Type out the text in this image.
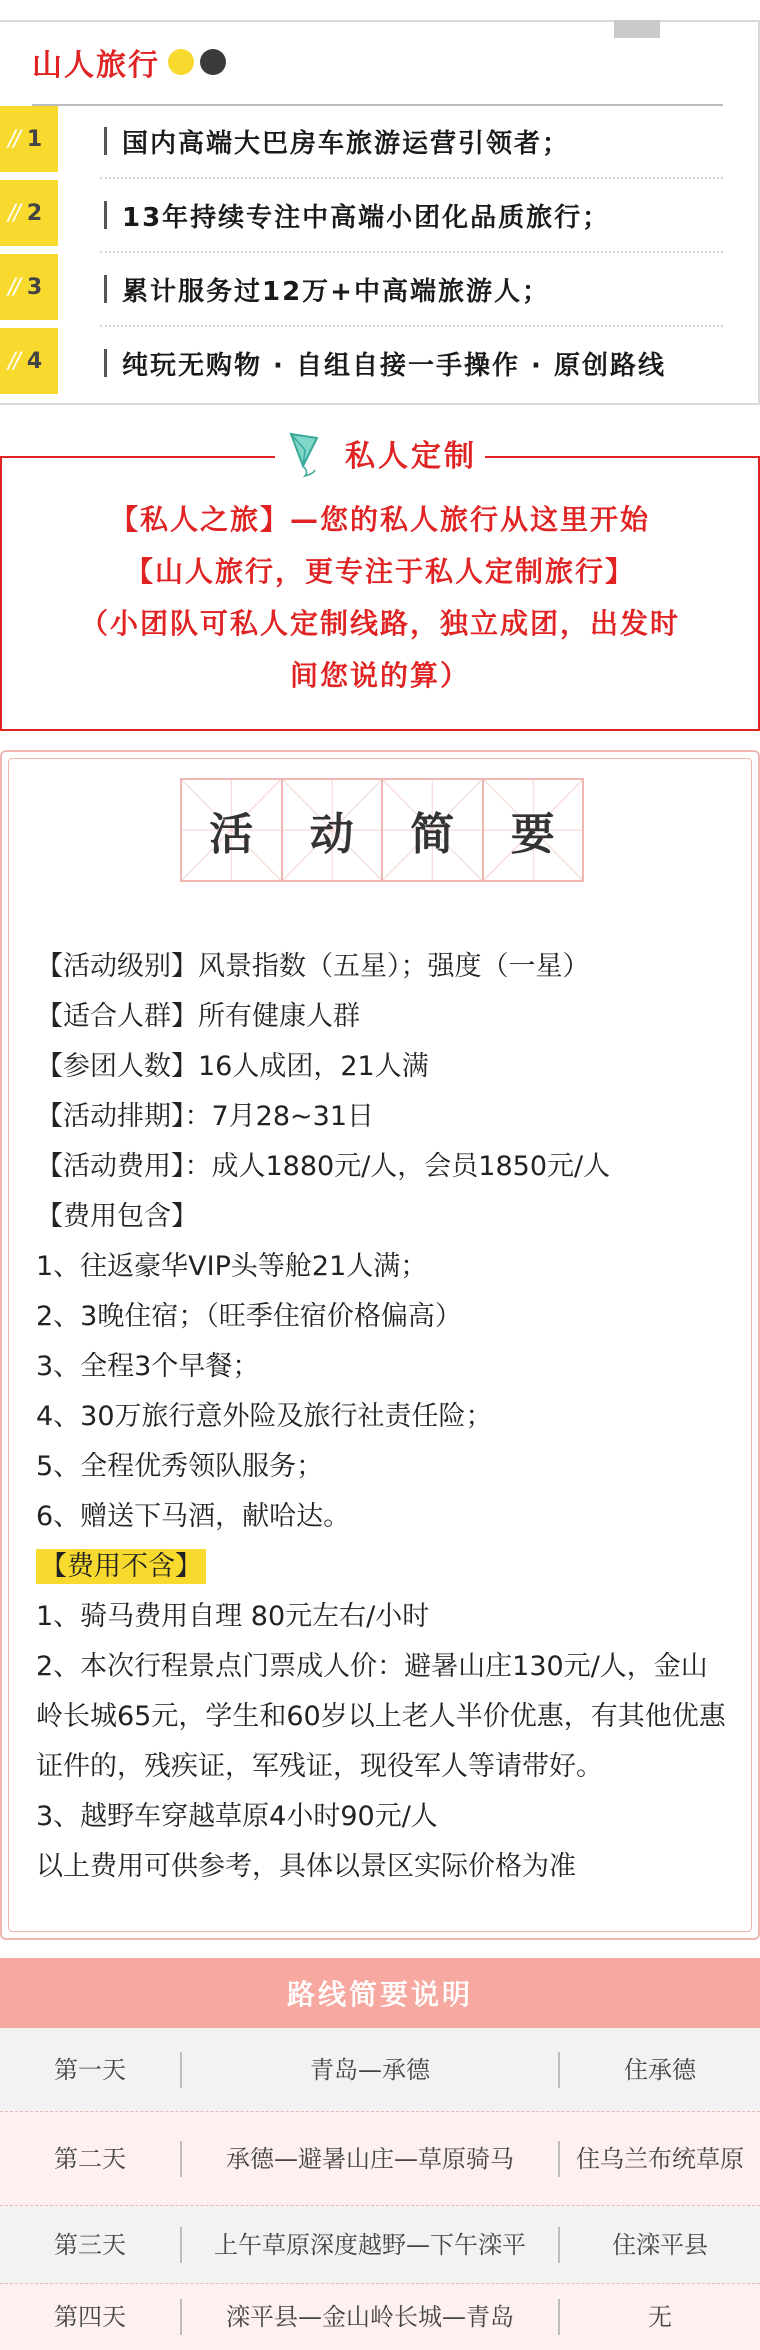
山人旅行
// 1	国内高端大巴房车旅游运营引领者；
// 2	13年持续专注中高端小团化品质旅行；
// 3	累计服务过12万+中高端旅游人；
// 4	纯玩无购物 · 自组自接一手操作 · 原创路线
私人定制
【私人之旅】—您的私人旅行从这里开始
【山人旅行，更专注于私人定制旅行】
（小团队可私人定制线路，独立成团，出发时
间您说的算）
活 动 简 要
【活动级别】风景指数（五星）；强度（一星）
【适合人群】所有健康人群
【参团人数】16人成团，21人满
【活动排期】：7月28~31日
【活动费用】：成人1880元/人，会员1850元/人
【费用包含】
1、往返豪华VIP头等舱21人满；
2、3晚住宿；（旺季住宿价格偏高）
3、全程3个早餐；
4、30万旅行意外险及旅行社责任险；
5、全程优秀领队服务；
6、赠送下马酒，献哈达。
【费用不含】
1、骑马费用自理 80元左右/小时
2、本次行程景点门票成人价：避暑山庄130元/人，金山岭长城65元，学生和60岁以上老人半价优惠，有其他优惠证件的，残疾证，军残证，现役军人等请带好。
3、越野车穿越草原4小时90元/人
以上费用可供参考，具体以景区实际价格为准
路线简要说明
第一天	青岛—承德	住承德
第二天	承德—避暑山庄—草原骑马	住乌兰布统草原
第三天	上午草原深度越野—下午滦平	住滦平县
第四天	滦平县—金山岭长城—青岛	无
